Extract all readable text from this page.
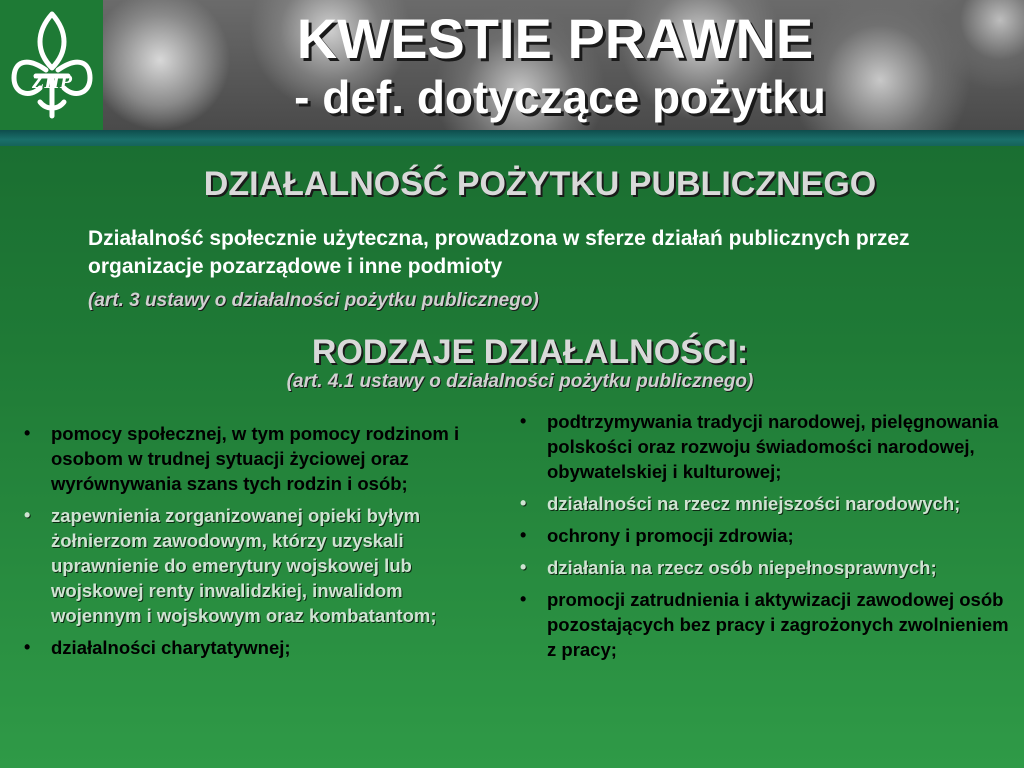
ZHP
KWESTIE PRAWNE
- def. dotyczące pożytku
DZIAŁALNOŚĆ POŻYTKU PUBLICZNEGO
Działalność społecznie użyteczna, prowadzona w sferze działań publicznych przez organizacje pozarządowe i inne podmioty
(art. 3 ustawy o działalności pożytku publicznego)
RODZAJE DZIAŁALNOŚCI:
(art. 4.1 ustawy o działalności pożytku publicznego)
• pomocy społecznej, w tym pomocy rodzinom i osobom w trudnej sytuacji życiowej oraz wyrównywania szans tych rodzin i osób;
• zapewnienia zorganizowanej opieki byłym żołnierzom zawodowym, którzy uzyskali uprawnienie do emerytury wojskowej lub wojskowej renty inwalidzkiej, inwalidom wojennym i wojskowym oraz kombatantom;
• działalności charytatywnej;
• podtrzymywania tradycji narodowej, pielęgnowania polskości oraz rozwoju świadomości narodowej, obywatelskiej i kulturowej;
• działalności na rzecz mniejszości narodowych;
• ochrony i promocji zdrowia;
• działania na rzecz osób niepełnosprawnych;
• promocji zatrudnienia i aktywizacji zawodowej osób pozostających bez pracy i zagrożonych zwolnieniem z pracy;
